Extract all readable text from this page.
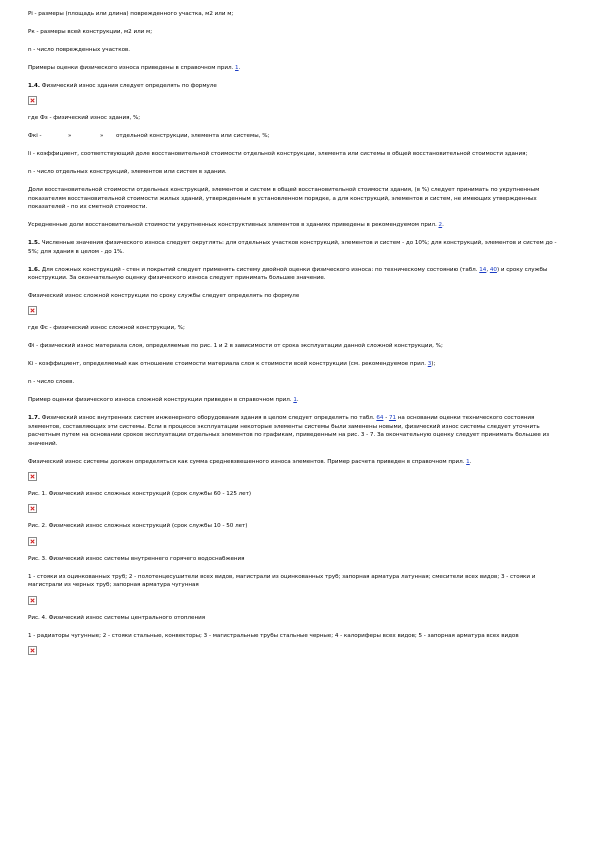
Pi - размеры (площадь или длина) поврежденного участка, м2 или м;

Pк - размеры всей конструкции, м2 или м;

n - число поврежденных участков.

Примеры оценки физического износа приведены в справочном прил. 1.

1.4. Физический износ здания следует определять по формуле

где Фз - физический износ здания, %;

Фкi -	»	»	отдельной конструкции, элемента или системы, %;

li - коэффициент, соответствующий доле восстановительной стоимости отдельной конструкции, элемента или системы в общей восстановительной стоимости здания;

n - число отдельных конструкций, элементов или систем в здании.

Доли восстановительной стоимости отдельных конструкций, элементов и систем в общей восстановительной стоимости здания, (в %) следует принимать по укрупненным показателям восстановительной стоимости жилых зданий, утвержденным в установленном порядке, а для конструкций, элементов и систем, не имеющих утвержденных показателей - по их сметной стоимости.

Усредненные доли восстановительной стоимости укрупненных конструктивных элементов в зданиях приведены в рекомендуемом прил. 2.

1.5. Численные значения физического износа следует округлять: для отдельных участков конструкций, элементов и систем - до 10%; для конструкций, элементов и систем до - 5%; для здания в целом - до 1%.

1.6. Для сложных конструкций - стен и покрытий следует применять систему двойной оценки физического износа: по техническому состоянию (табл. 14, 40) и сроку службы конструкции. За окончательную оценку физического износа следует принимать большее значение.

Физический износ сложной конструкции по сроку службы следует определять по формуле

где Фс - физический износ сложной конструкции, %;

Фi - физический износ материала слоя, определяемые по рис. 1 и 2 в зависимости от срока эксплуатации данной сложной конструкции, %;

Ki - коэффициент, определяемый как отношение стоимости материала слоя к стоимости всей конструкции (см. рекомендуемое прил. 3);

n - число слоев.

Пример оценки физического износа сложной конструкции приведен в справочном прил. 1.

1.7. Физический износ внутренних систем инженерного оборудования здания в целом следует определять по табл. 64 - 71 на основании оценки технического состояния элементов, составляющих эти системы. Если в процессе эксплуатации некоторые элементы системы были заменены новыми, физический износ системы следует уточнить расчетным путем на основании сроков эксплуатации отдельных элементов по графикам, приведенным на рис. 3 - 7. За окончательную оценку следует принимать большее из значений.

Физический износ системы должен определяться как сумма средневзвешенного износа элементов. Пример расчета приведен в справочном прил. 1.

Рис. 1. Физический износ сложных конструкций (срок службы 60 - 125 лет)

Рис. 2. Физический износ сложных конструкций (срок службы 10 - 50 лет)

Рис. 3. Физический износ системы внутреннего горячего водоснабжения

1 - стояки из оцинкованных труб; 2 - полотенцесушители всех видов, магистрали из оцинкованных труб; запорная арматура латунная; смесители всех видов; 3 - стояки и магистрали из черных труб; запорная арматура чугунная

Рис. 4. Физический износ системы центрального отопления

1 - радиаторы чугунные; 2 - стояки стальные, конвекторы; 3 - магистральные трубы стальные черные; 4 - калориферы всех видов; 5 - запорная арматура всех видов
